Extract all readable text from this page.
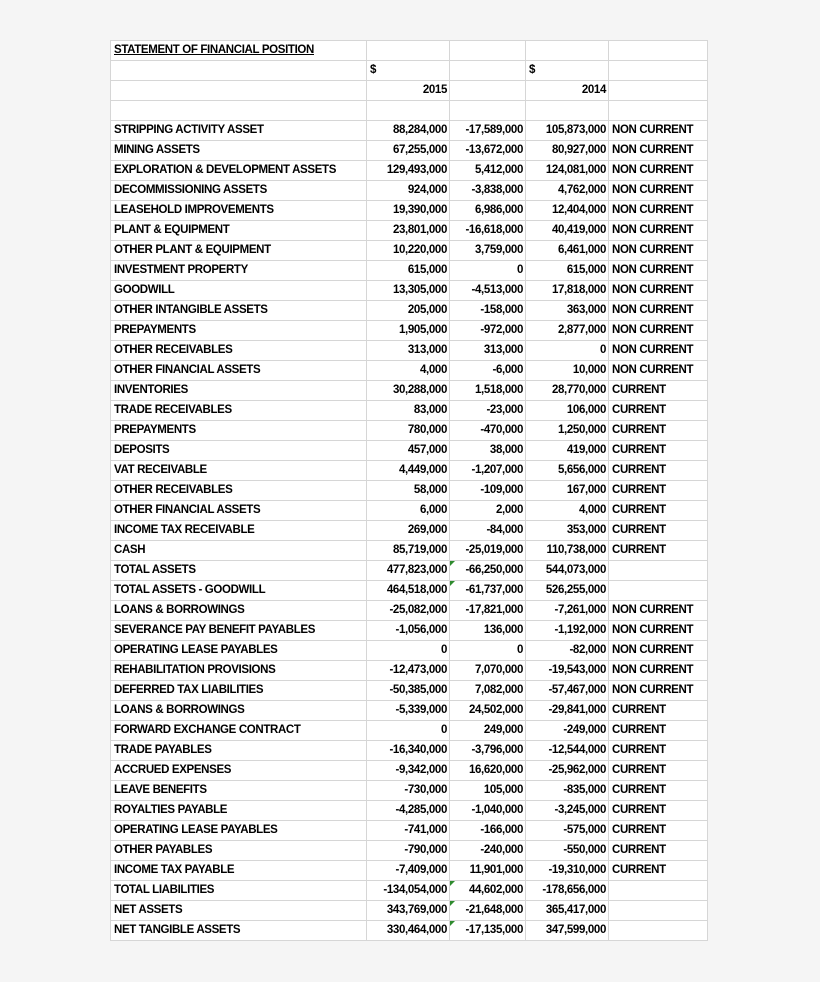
STATEMENT OF FINANCIAL POSITION				
	$		$	
	2015		2014	

STRIPPING ACTIVITY ASSET	88,284,000	-17,589,000	105,873,000	NON CURRENT
MINING ASSETS	67,255,000	-13,672,000	80,927,000	NON CURRENT
EXPLORATION & DEVELOPMENT ASSETS	129,493,000	5,412,000	124,081,000	NON CURRENT
DECOMMISSIONING ASSETS	924,000	-3,838,000	4,762,000	NON CURRENT
LEASEHOLD IMPROVEMENTS	19,390,000	6,986,000	12,404,000	NON CURRENT
PLANT & EQUIPMENT	23,801,000	-16,618,000	40,419,000	NON CURRENT
OTHER PLANT & EQUIPMENT	10,220,000	3,759,000	6,461,000	NON CURRENT
INVESTMENT PROPERTY	615,000	0	615,000	NON CURRENT
GOODWILL	13,305,000	-4,513,000	17,818,000	NON CURRENT
OTHER INTANGIBLE ASSETS	205,000	-158,000	363,000	NON CURRENT
PREPAYMENTS	1,905,000	-972,000	2,877,000	NON CURRENT
OTHER RECEIVABLES	313,000	313,000	0	NON CURRENT
OTHER FINANCIAL ASSETS	4,000	-6,000	10,000	NON CURRENT
INVENTORIES	30,288,000	1,518,000	28,770,000	CURRENT
TRADE RECEIVABLES	83,000	-23,000	106,000	CURRENT
PREPAYMENTS	780,000	-470,000	1,250,000	CURRENT
DEPOSITS	457,000	38,000	419,000	CURRENT
VAT RECEIVABLE	4,449,000	-1,207,000	5,656,000	CURRENT
OTHER RECEIVABLES	58,000	-109,000	167,000	CURRENT
OTHER FINANCIAL ASSETS	6,000	2,000	4,000	CURRENT
INCOME TAX RECEIVABLE	269,000	-84,000	353,000	CURRENT
CASH	85,719,000	-25,019,000	110,738,000	CURRENT
TOTAL ASSETS	477,823,000	-66,250,000	544,073,000	
TOTAL ASSETS - GOODWILL	464,518,000	-61,737,000	526,255,000	
LOANS & BORROWINGS	-25,082,000	-17,821,000	-7,261,000	NON CURRENT
SEVERANCE PAY BENEFIT PAYABLES	-1,056,000	136,000	-1,192,000	NON CURRENT
OPERATING LEASE PAYABLES	0	0	-82,000	NON CURRENT
REHABILITATION PROVISIONS	-12,473,000	7,070,000	-19,543,000	NON CURRENT
DEFERRED TAX LIABILITIES	-50,385,000	7,082,000	-57,467,000	NON CURRENT
LOANS & BORROWINGS	-5,339,000	24,502,000	-29,841,000	CURRENT
FORWARD EXCHANGE CONTRACT	0	249,000	-249,000	CURRENT
TRADE PAYABLES	-16,340,000	-3,796,000	-12,544,000	CURRENT
ACCRUED EXPENSES	-9,342,000	16,620,000	-25,962,000	CURRENT
LEAVE BENEFITS	-730,000	105,000	-835,000	CURRENT
ROYALTIES PAYABLE	-4,285,000	-1,040,000	-3,245,000	CURRENT
OPERATING LEASE PAYABLES	-741,000	-166,000	-575,000	CURRENT
OTHER PAYABLES	-790,000	-240,000	-550,000	CURRENT
INCOME TAX PAYABLE	-7,409,000	11,901,000	-19,310,000	CURRENT
TOTAL LIABILITIES	-134,054,000	44,602,000	-178,656,000	
NET ASSETS	343,769,000	-21,648,000	365,417,000	
NET TANGIBLE ASSETS	330,464,000	-17,135,000	347,599,000	
